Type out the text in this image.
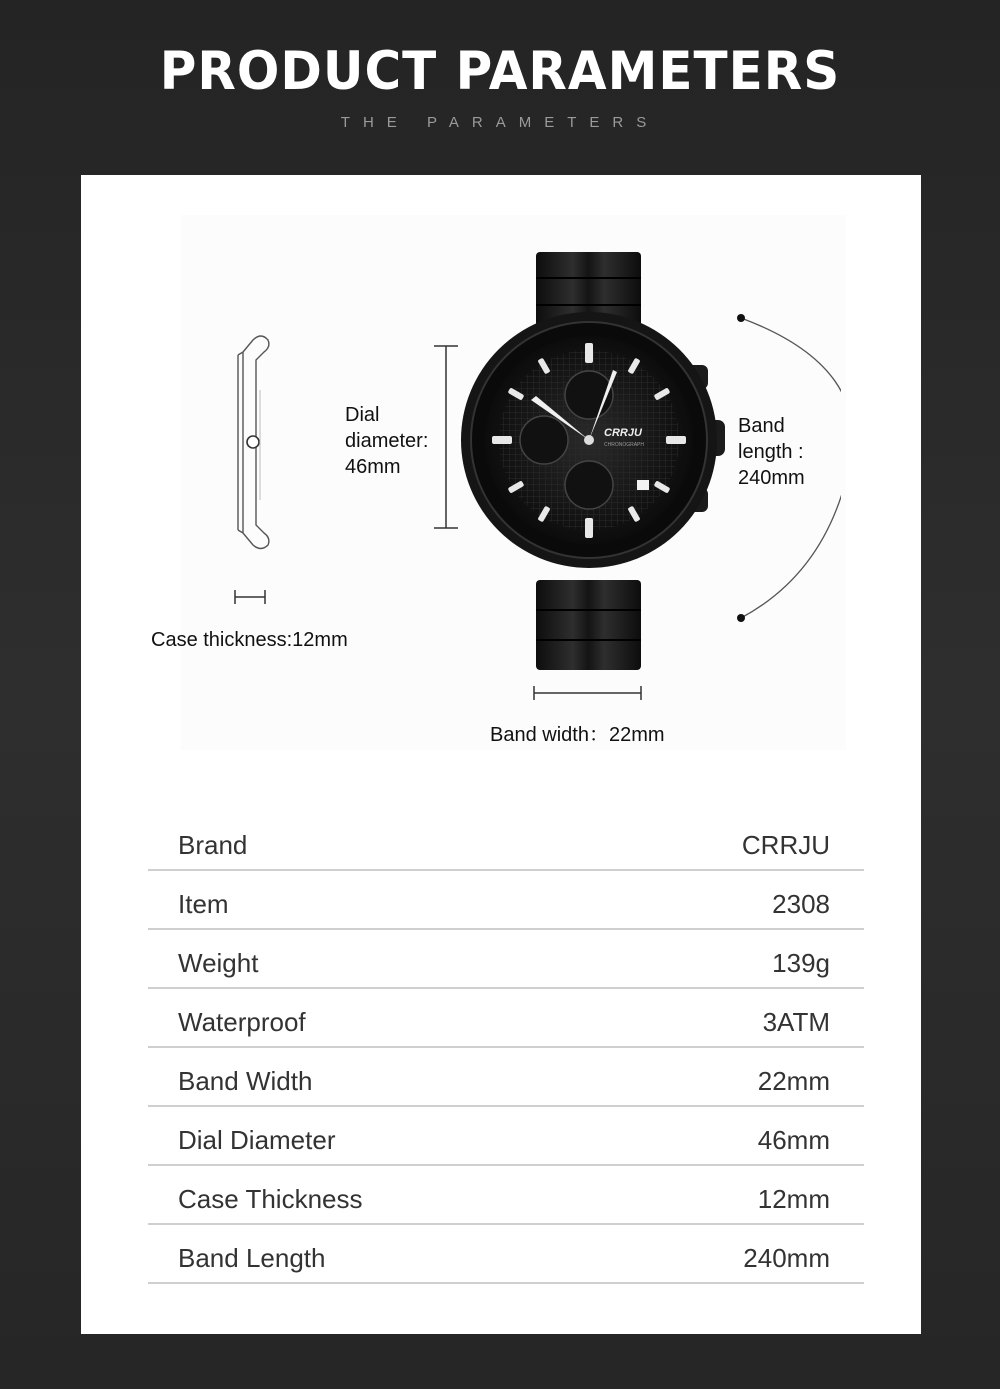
PRODUCT PARAMETERS
THE PARAMETERS
Case thickness:12mm
Dial
diameter:
46mm
CRRJU
CHRONOGRAPH
Band
length :
240mm
Band width：22mm
Brand	CRRJU
Item	2308
Weight	139g
Waterproof	3ATM
Band Width	22mm
Dial Diameter	46mm
Case Thickness	12mm
Band Length	240mm
